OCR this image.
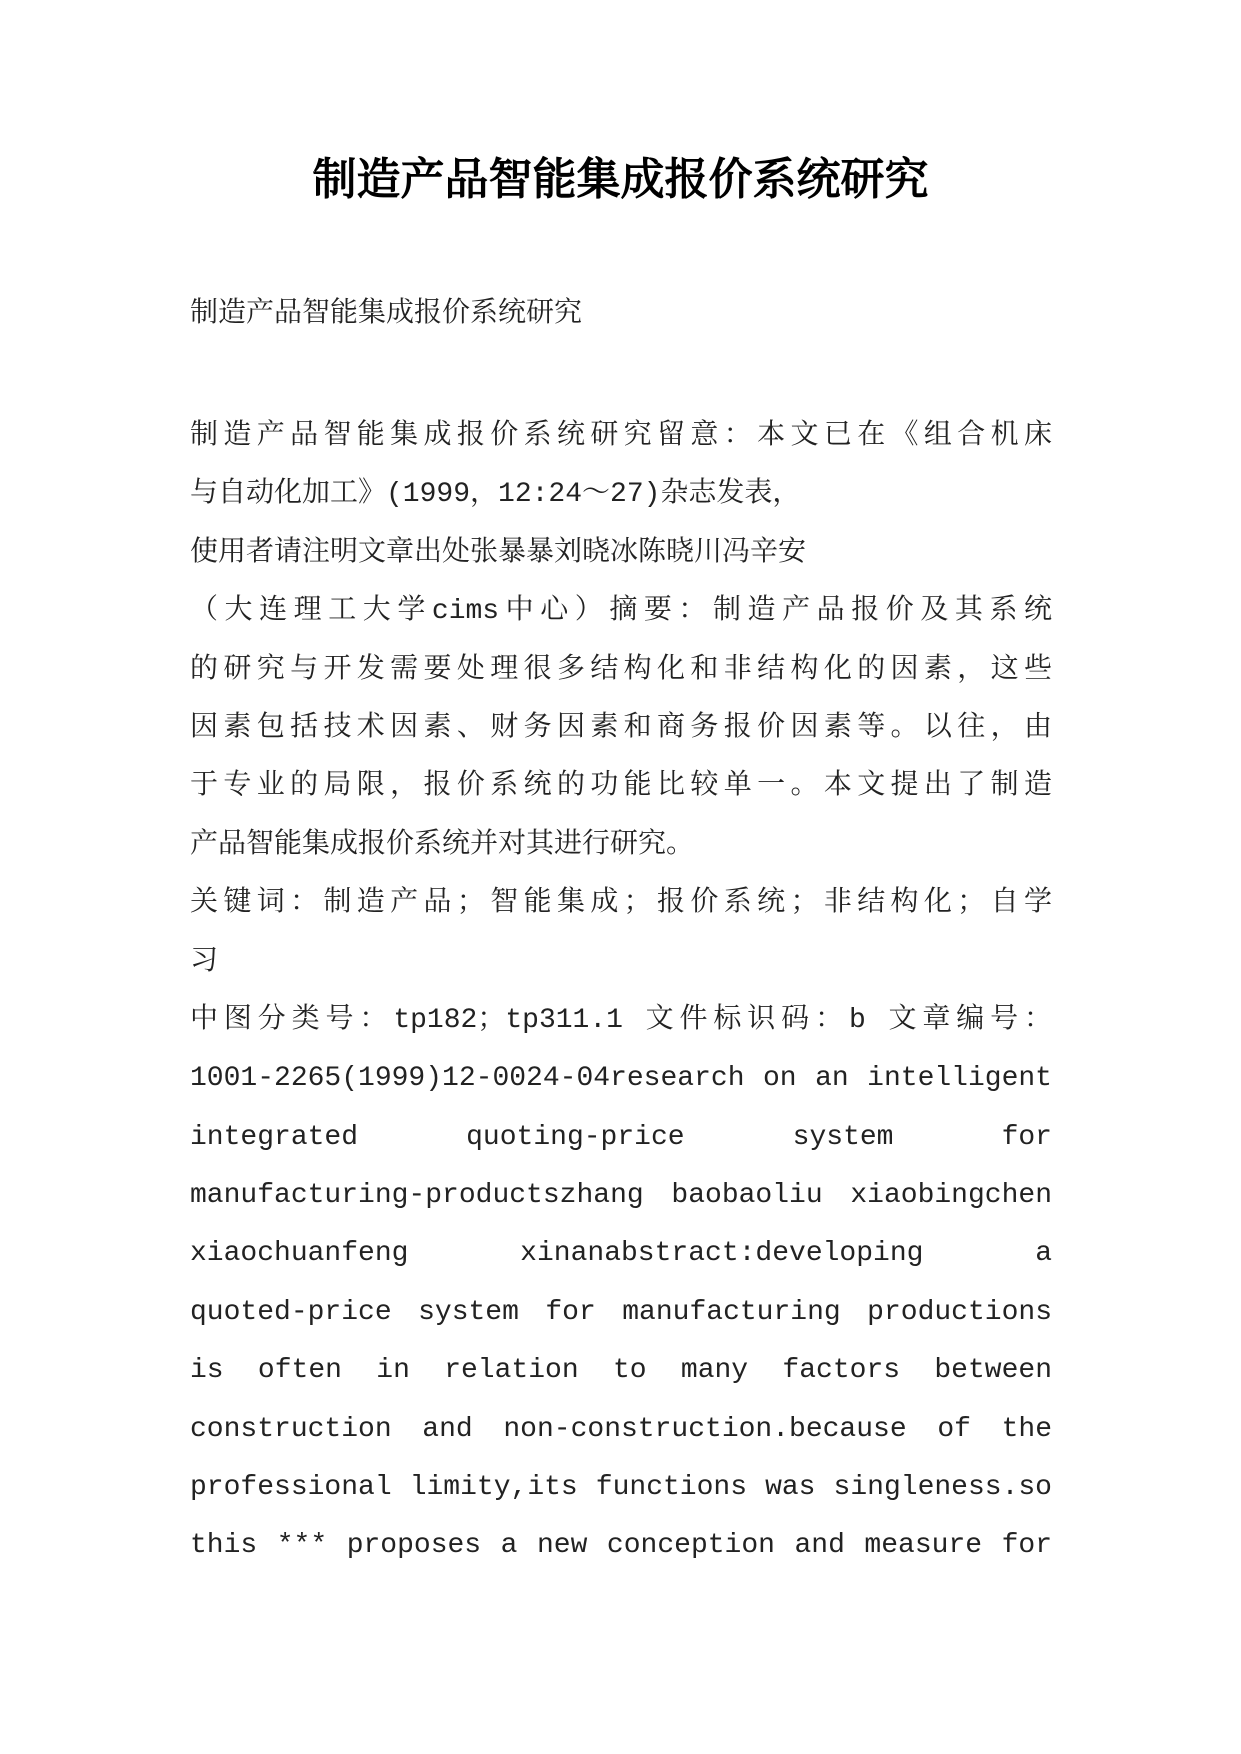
制造产品智能集成报价系统研究

制造产品智能集成报价系统研究

制造产品智能集成报价系统研究留意：本文已在《组合机床
与自动化加工》(1999，12:24～27)杂志发表，
使用者请注明文章出处张暴暴刘晓冰陈晓川冯辛安
（大连理工大学cims中心）摘要：制造产品报价及其系统
的研究与开发需要处理很多结构化和非结构化的因素，这些
因素包括技术因素、财务因素和商务报价因素等。以往，由
于专业的局限，报价系统的功能比较单一。本文提出了制造
产品智能集成报价系统并对其进行研究。
关键词：制造产品；智能集成；报价系统；非结构化；自学
习
中图分类号：tp182；tp311.1 文件标识码：b 文章编号：
1001-2265(1999)12-0024-04research on an intelligent
integrated quoting-price system for
manufacturing-productszhang baobaoliu xiaobingchen
xiaochuanfeng xinanabstract:developing a
quoted-price system for manufacturing productions
is often in relation to many factors between
construction and non-construction.because of the
professional limity,its functions was singleness.so
this *** proposes a new conception and measure for
